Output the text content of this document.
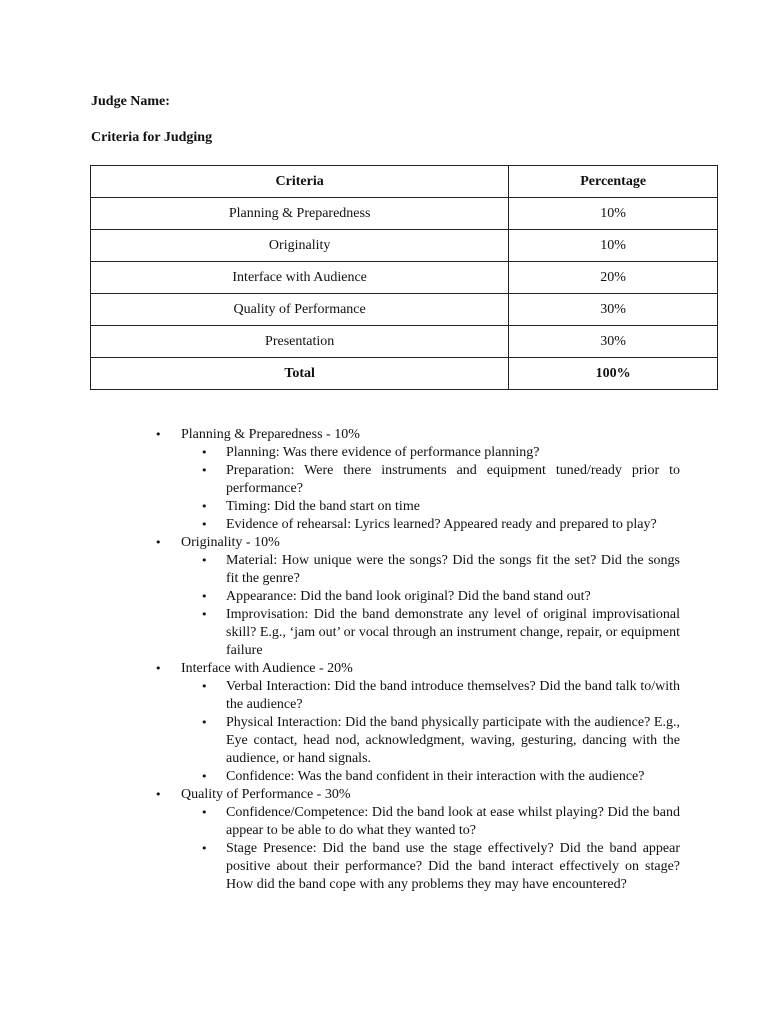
Judge Name:
Criteria for Judging
Criteria	Percentage
Planning & Preparedness	10%
Originality	10%
Interface with Audience	20%
Quality of Performance	30%
Presentation	30%
Total	100%
•
Planning & Preparedness - 10%
•
Planning: Was there evidence of performance planning?
•
Preparation: Were there instruments and equipment tuned/ready prior to performance?
•
Timing: Did the band start on time
•
Evidence of rehearsal: Lyrics learned? Appeared ready and prepared to play?
•
Originality - 10%
•
Material: How unique were the songs? Did the songs fit the set? Did the songs fit the genre?
•
Appearance: Did the band look original? Did the band stand out?
•
Improvisation: Did the band demonstrate any level of original improvisational skill? E.g., ‘jam out’ or vocal through an instrument change, repair, or equipment failure
•
Interface with Audience - 20%
•
Verbal Interaction: Did the band introduce themselves? Did the band talk to/with the audience?
•
Physical Interaction: Did the band physically participate with the audience? E.g., Eye contact, head nod, acknowledgment, waving, gesturing, dancing with the audience, or hand signals.
•
Confidence: Was the band confident in their interaction with the audience?
•
Quality of Performance - 30%
•
Confidence/Competence: Did the band look at ease whilst playing? Did the band appear to be able to do what they wanted to?
•
Stage Presence: Did the band use the stage effectively? Did the band appear positive about their performance? Did the band interact effectively on stage? How did the band cope with any problems they may have encountered?
